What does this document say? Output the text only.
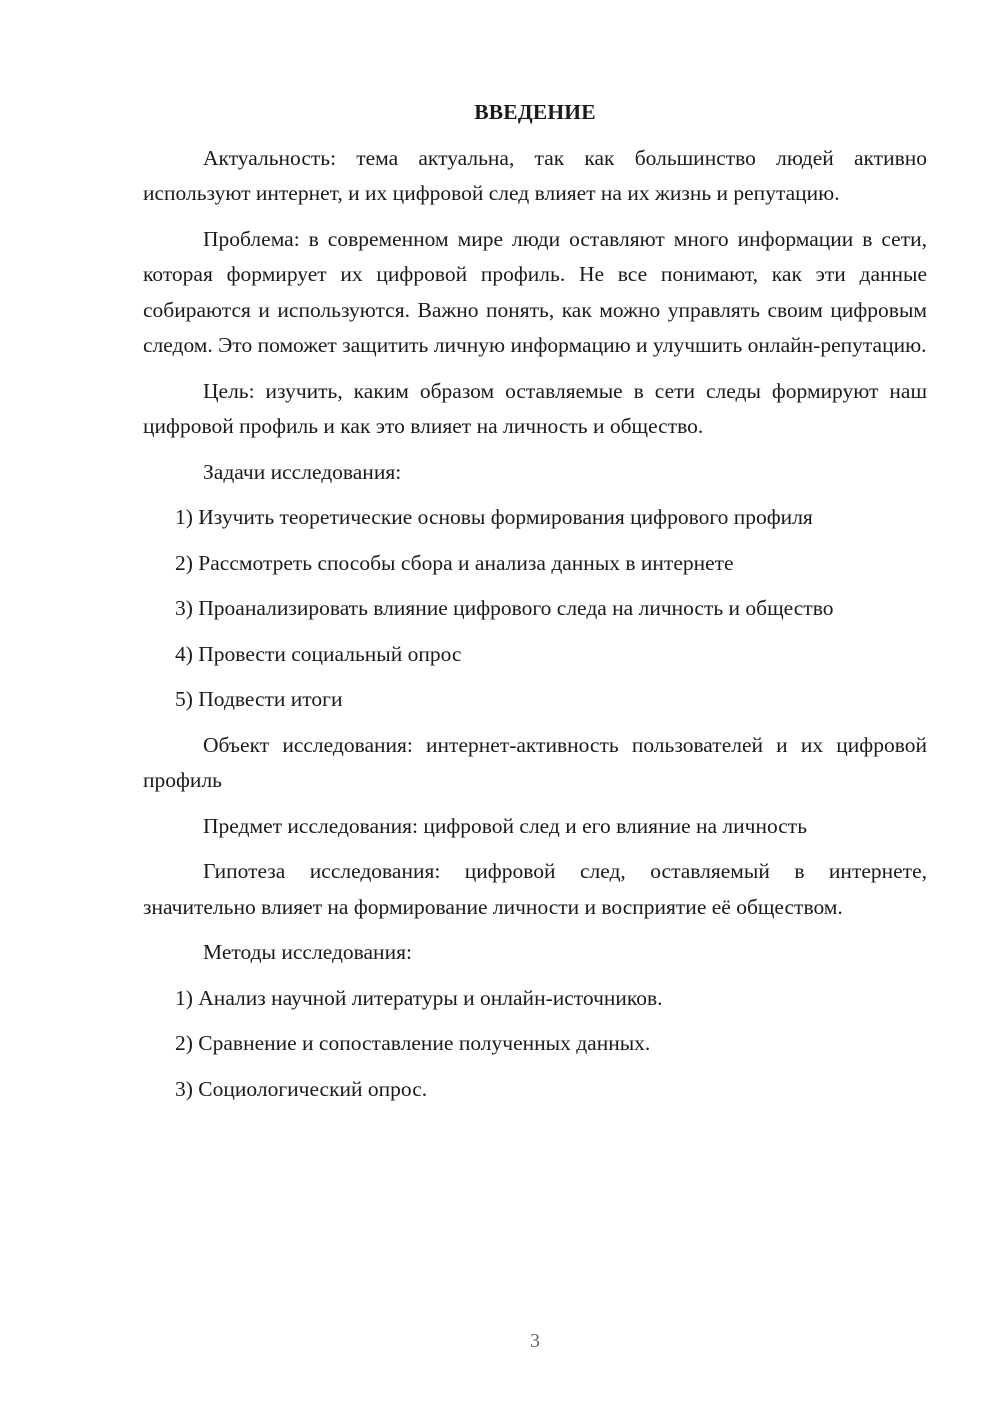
ВВЕДЕНИЕ
Актуальность: тема актуальна, так как большинство людей активно используют интернет, и их цифровой след влияет на их жизнь и репутацию.
Проблема: в современном мире люди оставляют много информации в сети, которая формирует их цифровой профиль. Не все понимают, как эти данные собираются и используются. Важно понять, как можно управлять своим цифровым следом. Это поможет защитить личную информацию и улучшить онлайн-репутацию.
Цель: изучить, каким образом оставляемые в сети следы формируют наш цифровой профиль и как это влияет на личность и общество.
Задачи исследования:
1) Изучить теоретические основы формирования цифрового профиля
2) Рассмотреть способы сбора и анализа данных в интернете
3) Проанализировать влияние цифрового следа на личность и общество
4) Провести социальный опрос
5) Подвести итоги
Объект исследования: интернет-активность пользователей и их цифровой профиль
Предмет исследования: цифровой след и его влияние на личность
Гипотеза исследования: цифровой след, оставляемый в интернете, значительно влияет на формирование личности и восприятие её обществом.
Методы исследования:
1) Анализ научной литературы и онлайн-источников.
2) Сравнение и сопоставление полученных данных.
3) Социологический опрос.
3
